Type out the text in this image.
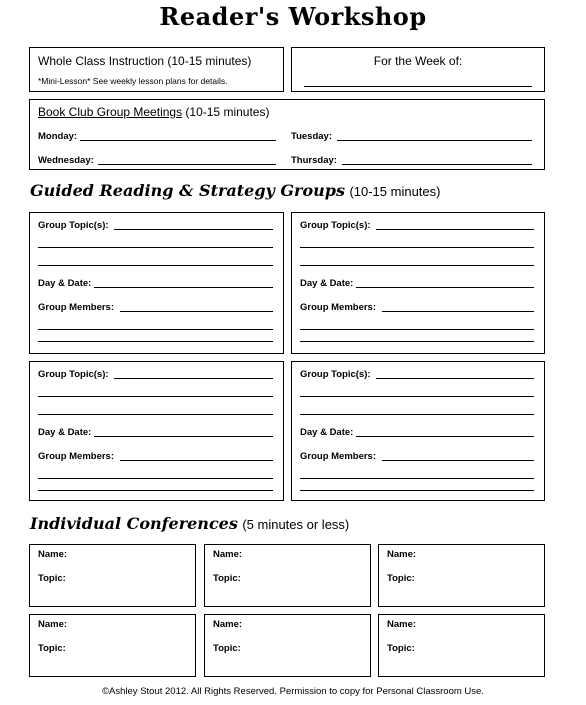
Reader's Workshop
Whole Class Instruction (10-15 minutes)
*Mini-Lesson* See weekly lesson plans for details.
For the Week of:
Book Club Group Meetings (10-15 minutes)
Monday:	Tuesday:
Wednesday:	Thursday:
Guided Reading & Strategy Groups (10-15 minutes)
Group Topic(s):
Day & Date:
Group Members:
Group Topic(s):
Day & Date:
Group Members:
Group Topic(s):
Day & Date:
Group Members:
Group Topic(s):
Day & Date:
Group Members:
Individual Conferences (5 minutes or less)
Name:
Topic:
Name:
Topic:
Name:
Topic:
Name:
Topic:
Name:
Topic:
Name:
Topic:
©Ashley Stout 2012. All Rights Reserved. Permission to copy for Personal Classroom Use.
